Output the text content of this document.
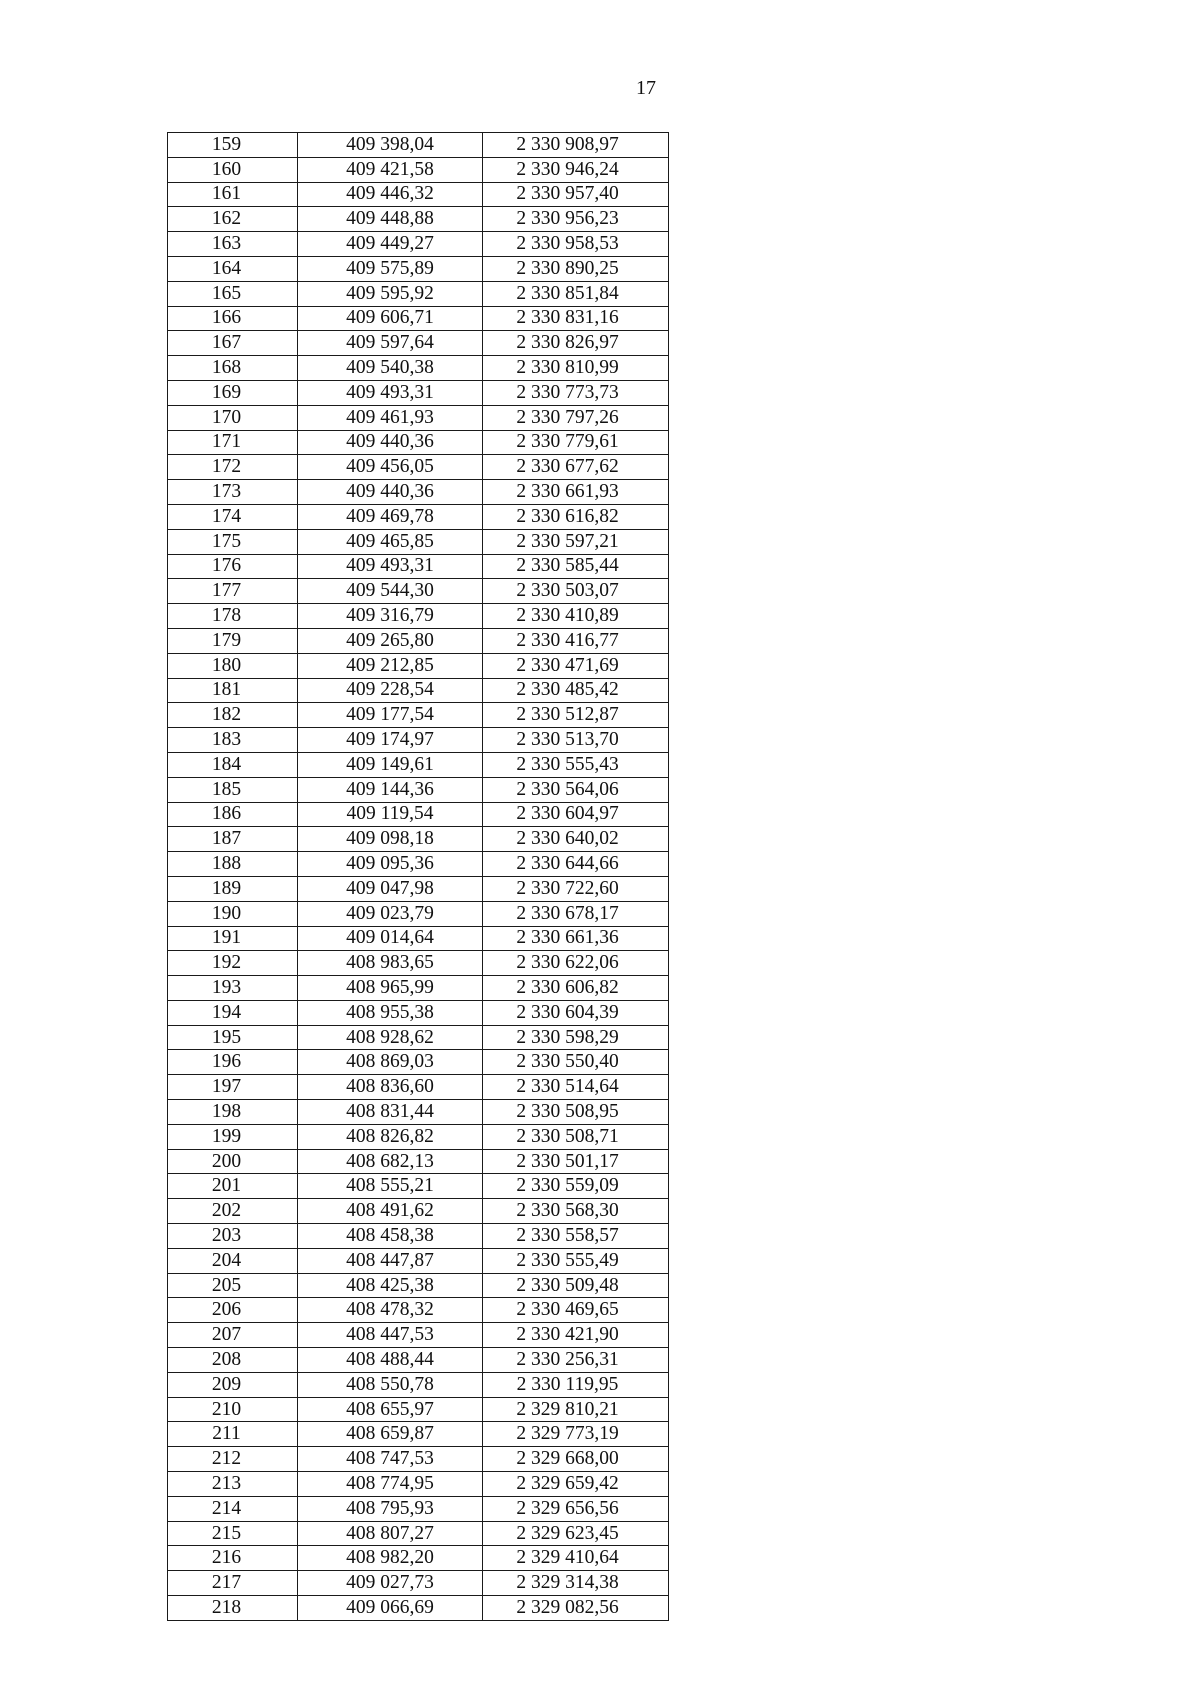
17
159	409 398,04	2 330 908,97
160	409 421,58	2 330 946,24
161	409 446,32	2 330 957,40
162	409 448,88	2 330 956,23
163	409 449,27	2 330 958,53
164	409 575,89	2 330 890,25
165	409 595,92	2 330 851,84
166	409 606,71	2 330 831,16
167	409 597,64	2 330 826,97
168	409 540,38	2 330 810,99
169	409 493,31	2 330 773,73
170	409 461,93	2 330 797,26
171	409 440,36	2 330 779,61
172	409 456,05	2 330 677,62
173	409 440,36	2 330 661,93
174	409 469,78	2 330 616,82
175	409 465,85	2 330 597,21
176	409 493,31	2 330 585,44
177	409 544,30	2 330 503,07
178	409 316,79	2 330 410,89
179	409 265,80	2 330 416,77
180	409 212,85	2 330 471,69
181	409 228,54	2 330 485,42
182	409 177,54	2 330 512,87
183	409 174,97	2 330 513,70
184	409 149,61	2 330 555,43
185	409 144,36	2 330 564,06
186	409 119,54	2 330 604,97
187	409 098,18	2 330 640,02
188	409 095,36	2 330 644,66
189	409 047,98	2 330 722,60
190	409 023,79	2 330 678,17
191	409 014,64	2 330 661,36
192	408 983,65	2 330 622,06
193	408 965,99	2 330 606,82
194	408 955,38	2 330 604,39
195	408 928,62	2 330 598,29
196	408 869,03	2 330 550,40
197	408 836,60	2 330 514,64
198	408 831,44	2 330 508,95
199	408 826,82	2 330 508,71
200	408 682,13	2 330 501,17
201	408 555,21	2 330 559,09
202	408 491,62	2 330 568,30
203	408 458,38	2 330 558,57
204	408 447,87	2 330 555,49
205	408 425,38	2 330 509,48
206	408 478,32	2 330 469,65
207	408 447,53	2 330 421,90
208	408 488,44	2 330 256,31
209	408 550,78	2 330 119,95
210	408 655,97	2 329 810,21
211	408 659,87	2 329 773,19
212	408 747,53	2 329 668,00
213	408 774,95	2 329 659,42
214	408 795,93	2 329 656,56
215	408 807,27	2 329 623,45
216	408 982,20	2 329 410,64
217	409 027,73	2 329 314,38
218	409 066,69	2 329 082,56
